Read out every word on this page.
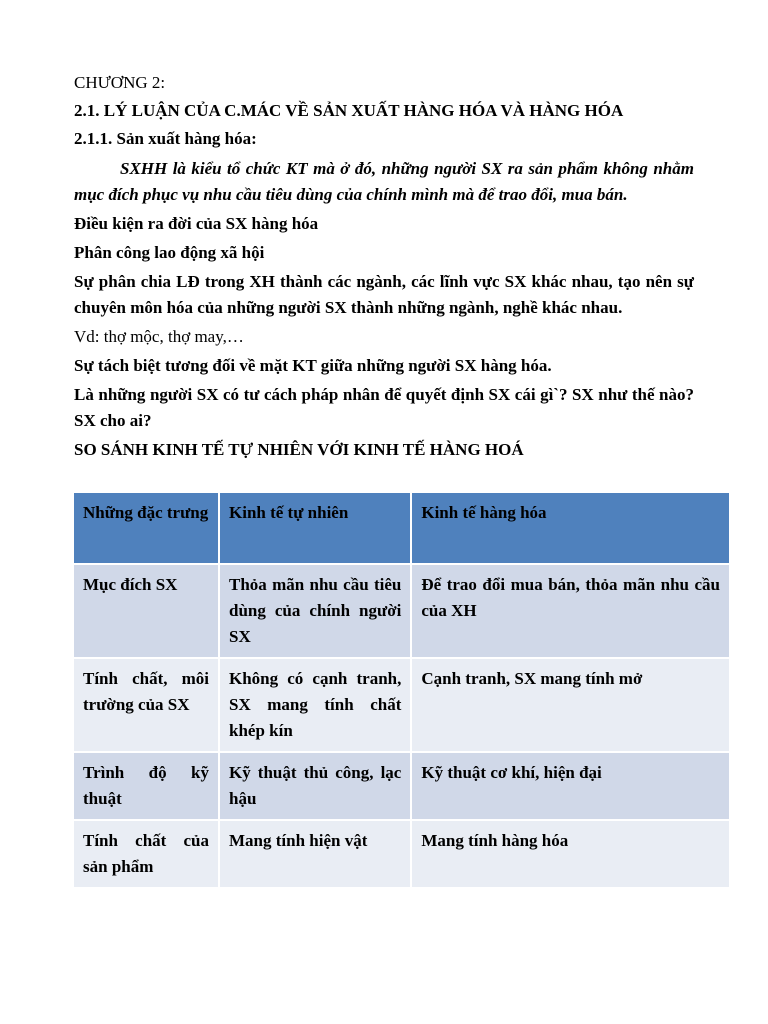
CHƯƠNG 2:

2.1. LÝ LUẬN CỦA C.MÁC VỀ SẢN XUẤT HÀNG HÓA VÀ HÀNG HÓA

2.1.1. Sản xuất hàng hóa:

SXHH là kiểu tổ chức KT mà ở đó, những người SX ra sản phẩm không nhằm mục đích phục vụ nhu cầu tiêu dùng của chính mình mà để trao đổi, mua bán.

Điều kiện ra đời của SX hàng hóa

Phân công lao động xã hội

Sự phân chia LĐ trong XH thành các ngành, các lĩnh vực SX khác nhau, tạo nên sự chuyên môn hóa của những người SX thành những ngành, nghề khác nhau.

Vd: thợ mộc, thợ may,…

Sự tách biệt tương đối về mặt KT giữa những người SX hàng hóa.

Là những người SX có tư cách pháp nhân để quyết định SX cái gì`? SX như thế nào? SX cho ai?

SO SÁNH KINH TẾ TỰ NHIÊN VỚI KINH TẾ HÀNG HOÁ

Những đặc trưng	Kinh tế tự nhiên	Kinh tế hàng hóa
Mục đích SX	Thỏa mãn nhu cầu tiêu dùng của chính người SX	Để trao đổi mua bán, thỏa mãn nhu cầu của XH
Tính chất, môi trường của SX	Không có cạnh tranh, SX mang tính chất khép kín	Cạnh tranh, SX mang tính mở
Trình độ kỹ thuật	Kỹ thuật thủ công, lạc hậu	Kỹ thuật cơ khí, hiện đại
Tính chất của sản phẩm	Mang tính hiện vật	Mang tính hàng hóa
